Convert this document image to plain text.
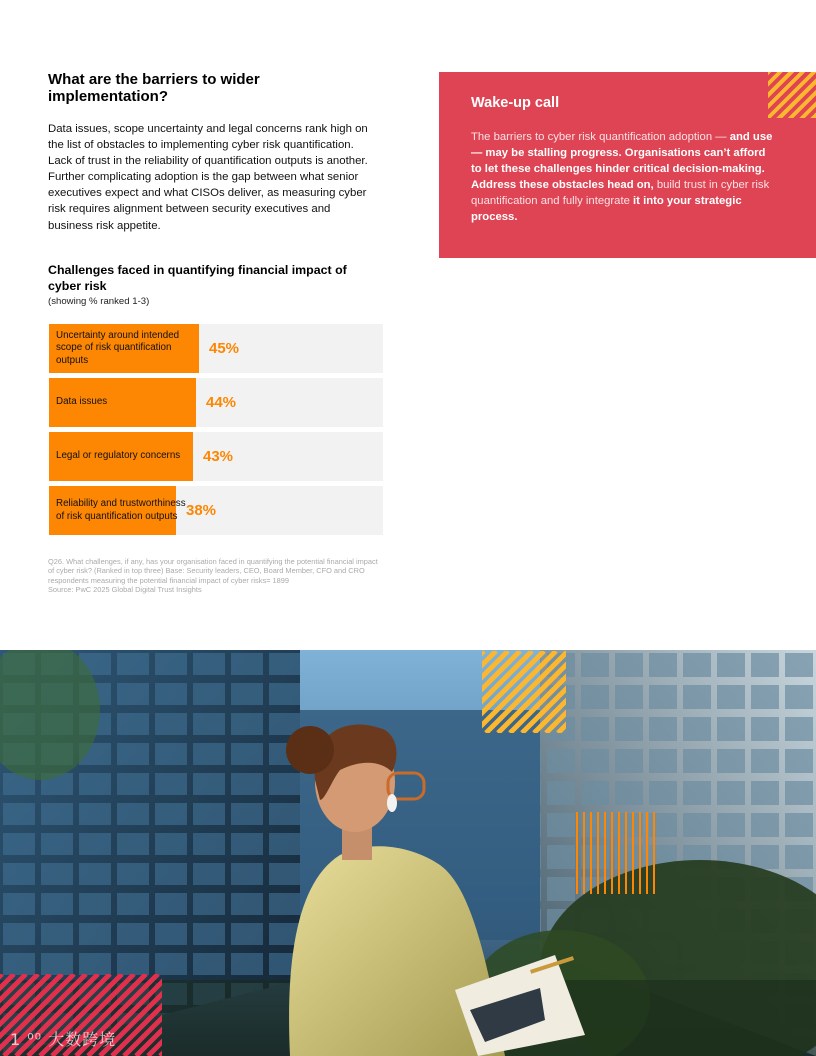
What are the barriers to wider implementation?

Data issues, scope uncertainty and legal concerns rank high on the list of obstacles to implementing cyber risk quantification. Lack of trust in the reliability of quantification outputs is another. Further complicating adoption is the gap between what senior executives expect and what CISOs deliver, as measuring cyber risk requires alignment between security executives and business risk appetite.

Wake-up call

The barriers to cyber risk quantification adoption — and use — may be stalling progress. Organisations can’t afford to let these challenges hinder critical decision-making. Address these obstacles head on, build trust in cyber risk quantification and fully integrate it into your strategic process.

Challenges faced in quantifying financial impact of cyber risk
(showing % ranked 1-3)
Uncertainty around intended scope of risk quantification outputs
45%
Data issues	44%
Legal or regulatory concerns	43%
Reliability and trustworthiness of risk quantification outputs 38%
Q26. What challenges, if any, has your organisation faced in quantifying the potential financial impact of cyber risk? (Ranked in top three) Base: Security leaders, CEO, Board Member, CFO and CRO respondents measuring the potential financial impact of cyber risks= 1899
Source: PwC 2025 Global Digital Trust Insights
1 ⁰⁰ 大数跨境
